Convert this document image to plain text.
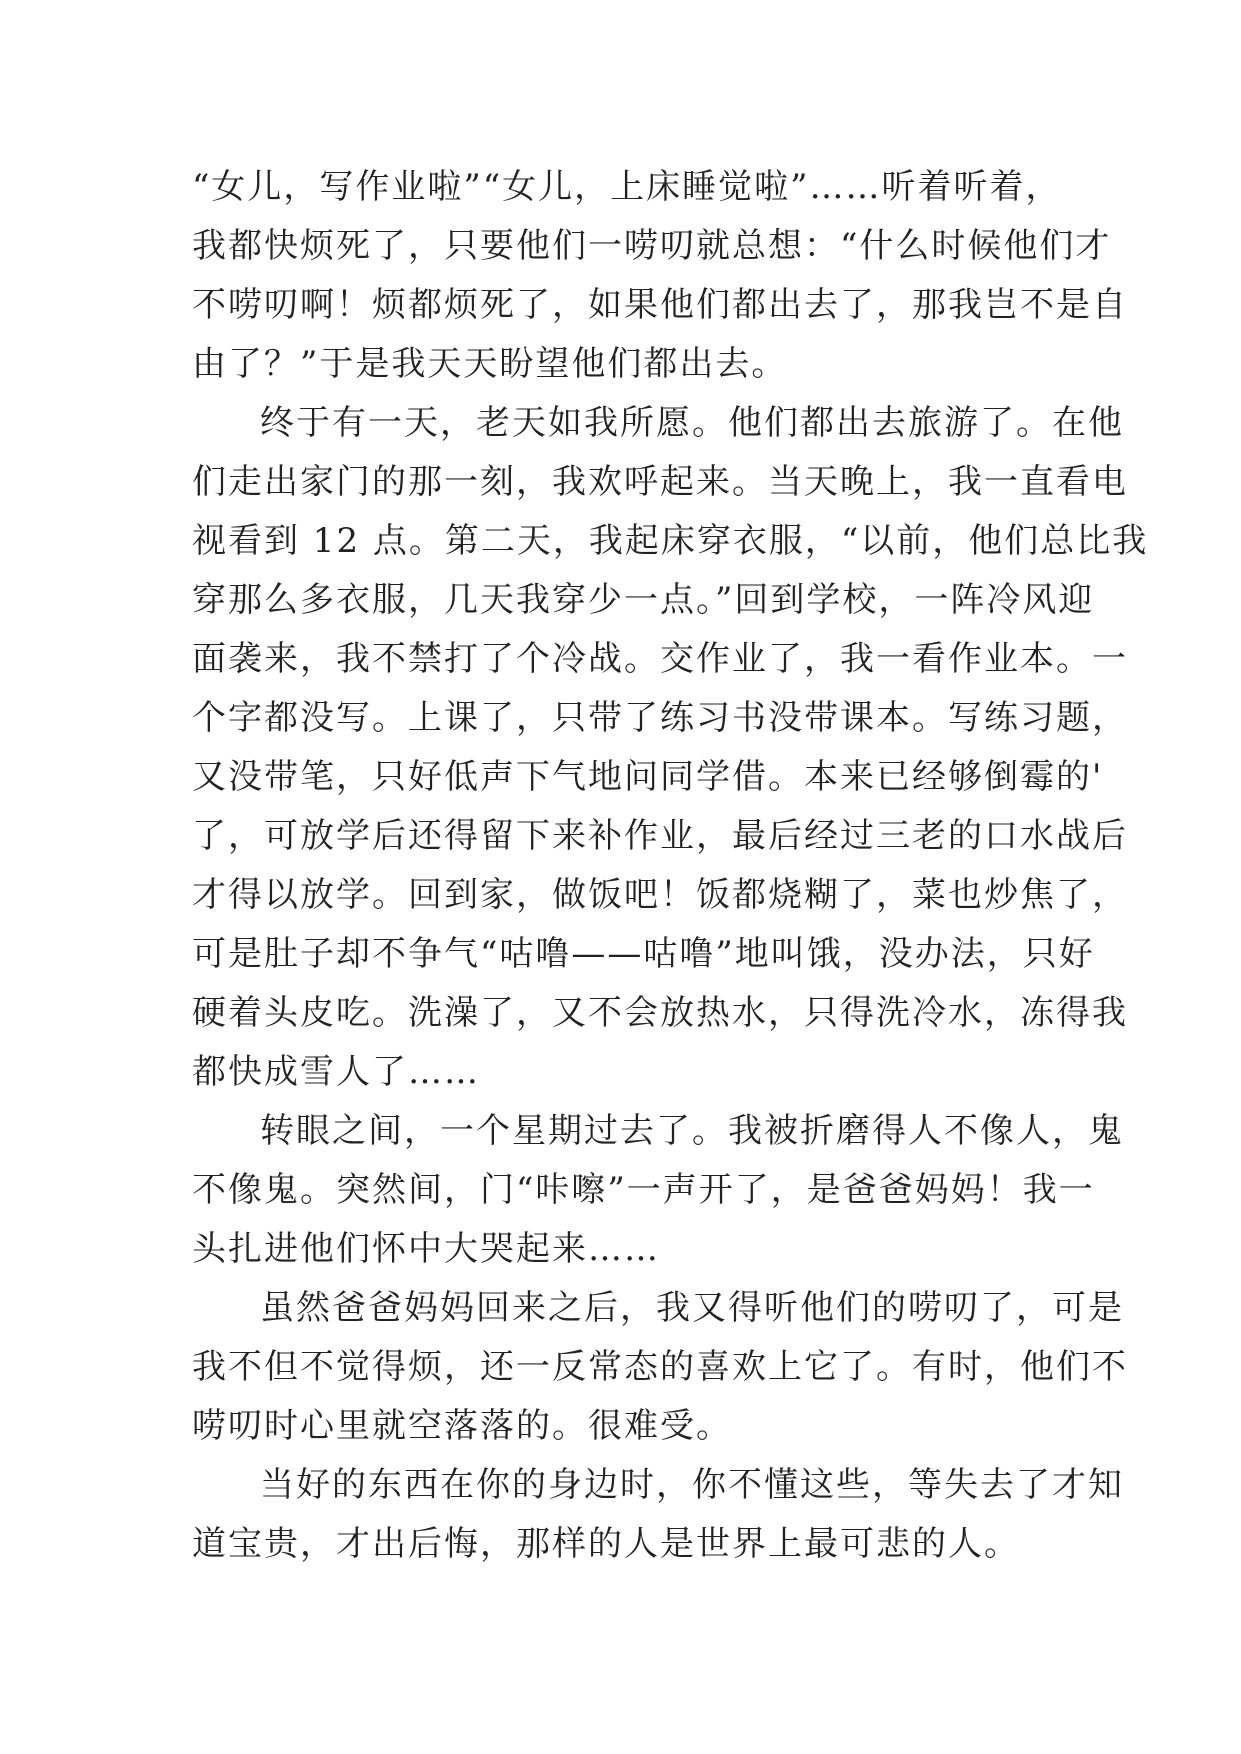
“女儿，写作业啦”“女儿，上床睡觉啦”……听着听着，
我都快烦死了，只要他们一唠叨就总想：“什么时候他们才
不唠叨啊！烦都烦死了，如果他们都出去了，那我岂不是自
由了？”于是我天天盼望他们都出去。
终于有一天，老天如我所愿。他们都出去旅游了。在他
们走出家门的那一刻，我欢呼起来。当天晚上，我一直看电
视看到 12 点。第二天，我起床穿衣服，“以前，他们总比我
穿那么多衣服，几天我穿少一点。”回到学校，一阵冷风迎
面袭来，我不禁打了个冷战。交作业了，我一看作业本。一
个字都没写。上课了，只带了练习书没带课本。写练习题，
又没带笔，只好低声下气地问同学借。本来已经够倒霉的'
了，可放学后还得留下来补作业，最后经过三老的口水战后
才得以放学。回到家，做饭吧！饭都烧糊了，菜也炒焦了，
可是肚子却不争气“咕噜——咕噜”地叫饿，没办法，只好
硬着头皮吃。洗澡了，又不会放热水，只得洗冷水，冻得我
都快成雪人了……
转眼之间，一个星期过去了。我被折磨得人不像人，鬼
不像鬼。突然间，门“咔嚓”一声开了，是爸爸妈妈！我一
头扎进他们怀中大哭起来……
虽然爸爸妈妈回来之后，我又得听他们的唠叨了，可是
我不但不觉得烦，还一反常态的喜欢上它了。有时，他们不
唠叨时心里就空落落的。很难受。
当好的东西在你的身边时，你不懂这些，等失去了才知
道宝贵，才出后悔，那样的人是世界上最可悲的人。
